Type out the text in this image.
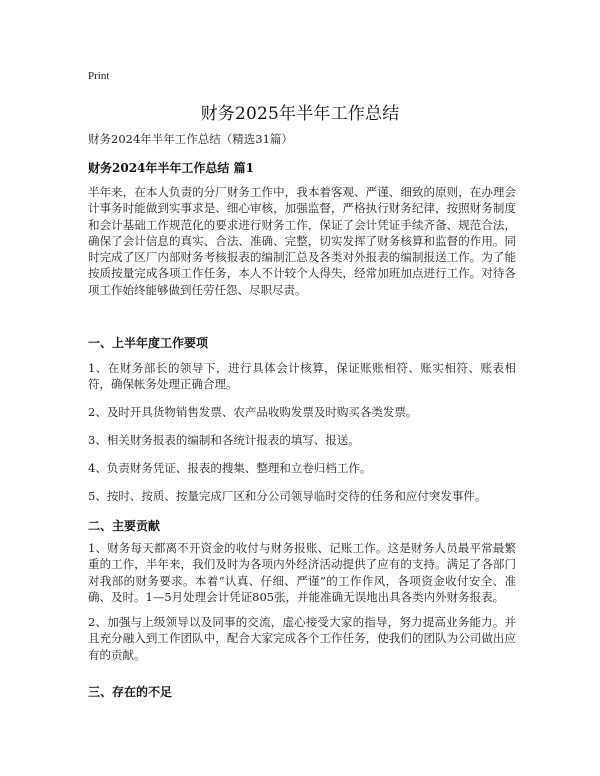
Print
财务2025年半年工作总结
财务2024年半年工作总结（精选31篇）
财务2024年半年工作总结 篇1
半年来，在本人负责的分厂财务工作中，我本着客观、严谨、细致的原则，在办理会计事务时能做到实事求是、细心审核，加强监督，严格执行财务纪律，按照财务制度和会计基础工作规范化的要求进行财务工作，保证了会计凭证手续齐备、规范合法，确保了会计信息的真实、合法、准确、完整，切实发挥了财务核算和监督的作用。同时完成了区厂内部财务考核报表的编制汇总及各类对外报表的编制报送工作。为了能按质按量完成各项工作任务，本人不计较个人得失，经常加班加点进行工作。对待各项工作始终能够做到任劳任怨、尽职尽责。
一、上半年度工作要项
1、在财务部长的领导下，进行具体会计核算，保证账账相符、账实相符、账表相符，确保帐务处理正确合理。
2、及时开具货物销售发票、农产品收购发票及时购买各类发票。
3、相关财务报表的编制和各统计报表的填写、报送。
4、负责财务凭证、报表的搜集、整理和立卷归档工作。
5、按时、按质、按量完成厂区和分公司领导临时交待的任务和应付突发事件。
二、主要贡献
1、财务每天都离不开资金的收付与财务报账、记账工作。这是财务人员最平常最繁重的工作，半年来，我们及时为各项内外经济活动提供了应有的支持。满足了各部门对我部的财务要求。本着“认真、仔细、严谨”的工作作风，各项资金收付安全、准确、及时。1—5月处理会计凭证805张，并能准确无误地出具各类内外财务报表。
2、加强与上级领导以及同事的交流，虚心接受大家的指导，努力提高业务能力。并且充分融入到工作团队中，配合大家完成各个工作任务，使我们的团队为公司做出应有的贡献。
三、存在的不足
